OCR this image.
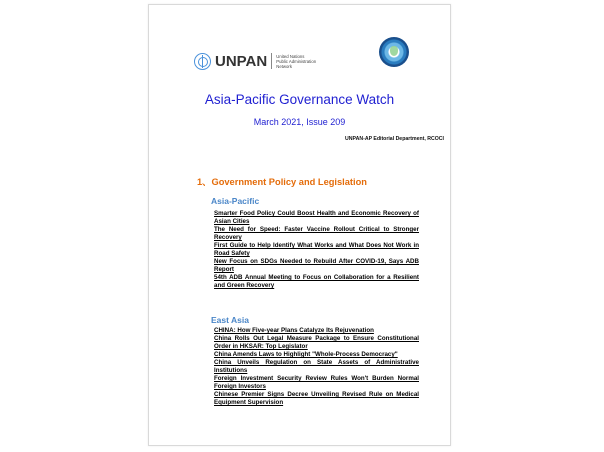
UNPAN United Nations
Public Administration
Network
Asia-Pacific Governance Watch
March 2021, Issue 209
UNPAN-AP Editorial Department, RCOCI
1、Government Policy and Legislation
Asia-Pacific
Smarter Food Policy Could Boost Health and Economic Recovery of Asian Cities
The Need for Speed: Faster Vaccine Rollout Critical to Stronger Recovery
First Guide to Help Identify What Works and What Does Not Work in Road Safety
New Focus on SDGs Needed to Rebuild After COVID-19, Says ADB Report
54th ADB Annual Meeting to Focus on Collaboration for a Resilient and Green Recovery
East Asia
CHINA: How Five-year Plans Catalyze Its Rejuvenation
China Rolls Out Legal Measure Package to Ensure Constitutional Order in HKSAR: Top Legislator
China Amends Laws to Highlight "Whole-Process Democracy"
China Unveils Regulation on State Assets of Administrative Institutions
Foreign Investment Security Review Rules Won't Burden Normal Foreign Investors
Chinese Premier Signs Decree Unveiling Revised Rule on Medical Equipment Supervision
